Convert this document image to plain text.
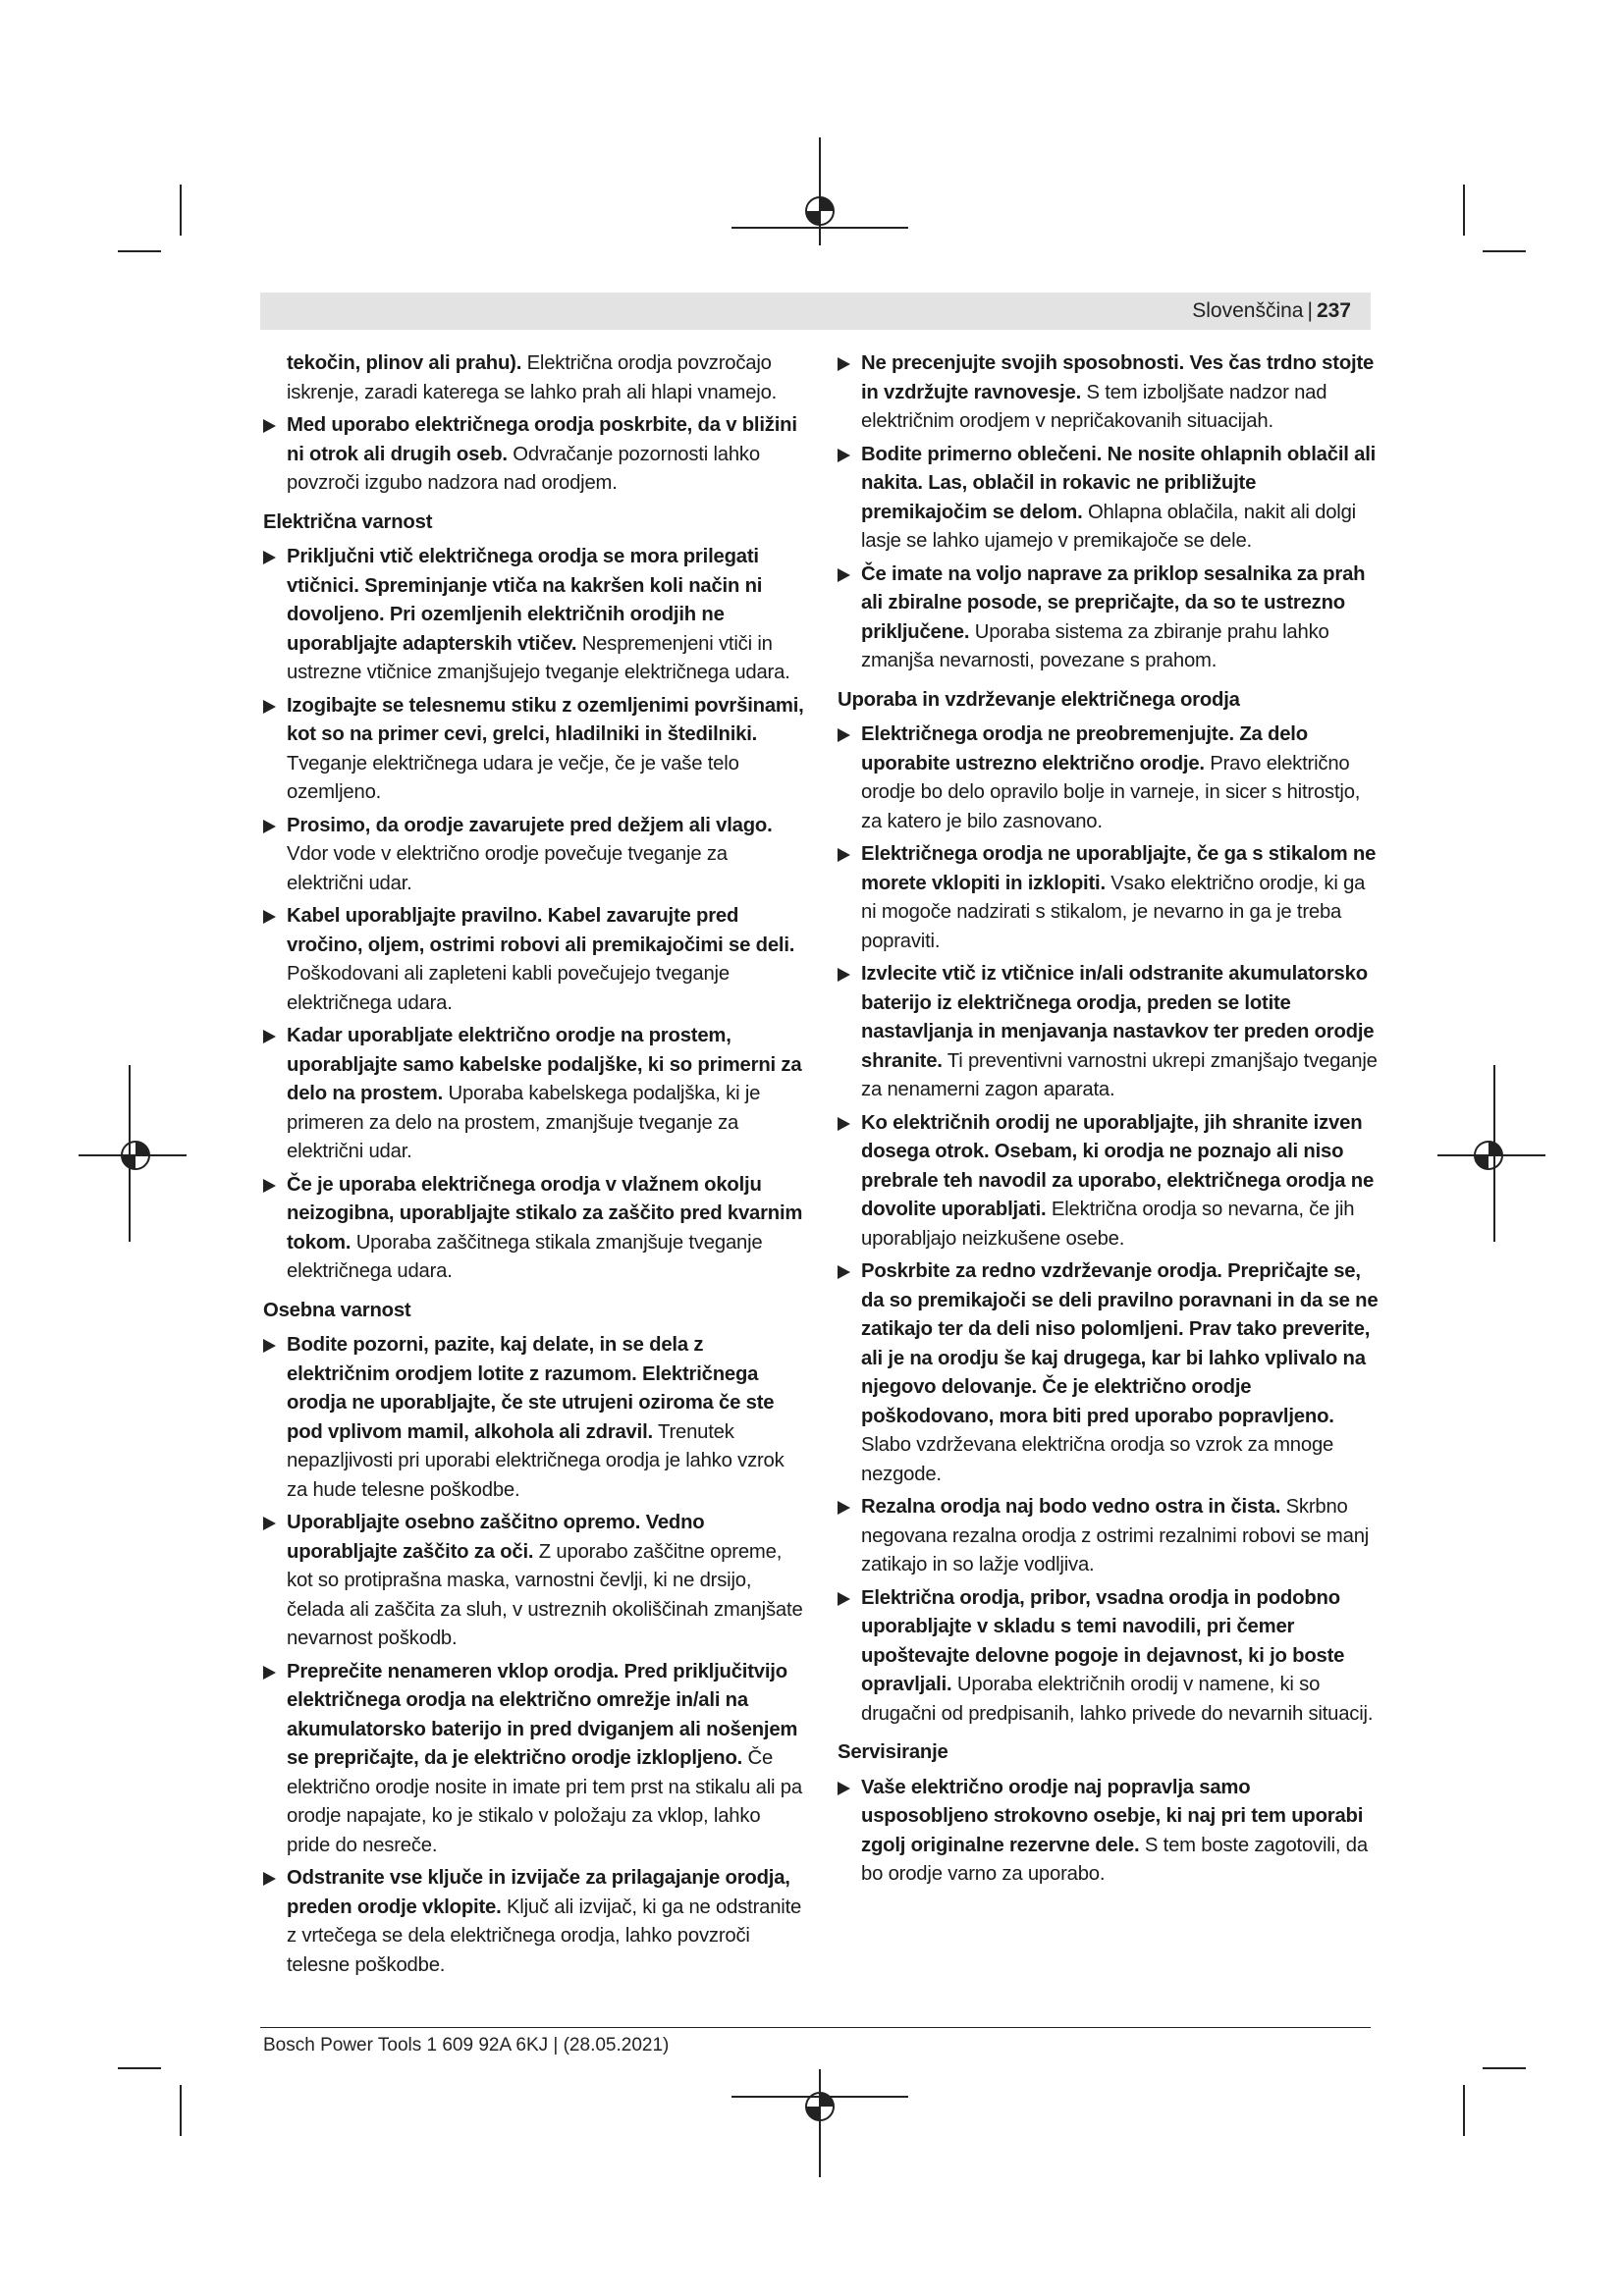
Slovenščina | 237
tekočin, plinov ali prahu). Električna orodja povzročajo iskrenje, zaradi katerega se lahko prah ali hlapi vnamejo.
Med uporabo električnega orodja poskrbite, da v bližini ni otrok ali drugih oseb. Odvračanje pozornosti lahko povzroči izgubo nadzora nad orodjem.
Električna varnost
Priključni vtič električnega orodja se mora prilegati vtičnici. Spreminjanje vtiča na kakršen koli način ni dovoljeno. Pri ozemljenih električnih orodjih ne uporabljajte adapterskih vtičev. Nespremenjeni vtiči in ustrezne vtičnice zmanjšujejo tveganje električnega udara.
Izogibajte se telesnemu stiku z ozemljenimi površinami, kot so na primer cevi, grelci, hladilniki in štedilniki. Tveganje električnega udara je večje, če je vaše telo ozemljeno.
Prosimo, da orodje zavarujete pred dežjem ali vlago. Vdor vode v električno orodje povečuje tveganje za električni udar.
Kabel uporabljajte pravilno. Kabel zavarujte pred vročino, oljem, ostrimi robovi ali premikajočimi se deli. Poškodovani ali zapleteni kabli povečujejo tveganje električnega udara.
Kadar uporabljate električno orodje na prostem, uporabljajte samo kabelske podaljške, ki so primerni za delo na prostem. Uporaba kabelskega podaljška, ki je primeren za delo na prostem, zmanjšuje tveganje za električni udar.
Če je uporaba električnega orodja v vlažnem okolju neizogibna, uporabljajte stikalo za zaščito pred kvarnim tokom. Uporaba zaščitnega stikala zmanjšuje tveganje električnega udara.
Osebna varnost
Bodite pozorni, pazite, kaj delate, in se dela z električnim orodjem lotite z razumom. Električnega orodja ne uporabljajte, če ste utrujeni oziroma če ste pod vplivom mamil, alkohola ali zdravil. Trenutek nepazljivosti pri uporabi električnega orodja je lahko vzrok za hude telesne poškodbe.
Uporabljajte osebno zaščitno opremo. Vedno uporabljajte zaščito za oči. Z uporabo zaščitne opreme, kot so protiprašna maska, varnostni čevlji, ki ne drsijo, čelada ali zaščita za sluh, v ustreznih okoliščinah zmanjšate nevarnost poškodb.
Preprečite nenameren vklop orodja. Pred priključitvijo električnega orodja na električno omrežje in/ali na akumulatorsko baterijo in pred dviganjem ali nošenjem se prepričajte, da je električno orodje izklopljeno. Če električno orodje nosite in imate pri tem prst na stikalu ali pa orodje napajate, ko je stikalo v položaju za vklop, lahko pride do nesreče.
Odstranite vse ključe in izvijače za prilagajanje orodja, preden orodje vklopite. Ključ ali izvijač, ki ga ne odstranite z vrtečega se dela električnega orodja, lahko povzroči telesne poškodbe.
Ne precenjujte svojih sposobnosti. Ves čas trdno stojte in vzdržujte ravnovesje. S tem izboljšate nadzor nad električnim orodjem v nepričakovanih situacijah.
Bodite primerno oblečeni. Ne nosite ohlapnih oblačil ali nakita. Las, oblačil in rokavic ne približujte premikajočim se delom. Ohlapna oblačila, nakit ali dolgi lasje se lahko ujamejo v premikajoče se dele.
Če imate na voljo naprave za priklop sesalnika za prah ali zbiralne posode, se prepričajte, da so te ustrezno priključene. Uporaba sistema za zbiranje prahu lahko zmanjša nevarnosti, povezane s prahom.
Uporaba in vzdrževanje električnega orodja
Električnega orodja ne preobremenjujte. Za delo uporabite ustrezno električno orodje. Pravo električno orodje bo delo opravilo bolje in varneje, in sicer s hitrostjo, za katero je bilo zasnovano.
Električnega orodja ne uporabljajte, če ga s stikalom ne morete vklopiti in izklopiti. Vsako električno orodje, ki ga ni mogoče nadzirati s stikalom, je nevarno in ga je treba popraviti.
Izvlecite vtič iz vtičnice in/ali odstranite akumulatorsko baterijo iz električnega orodja, preden se lotite nastavljanja in menjavanja nastavkov ter preden orodje shranite. Ti preventivni varnostni ukrepi zmanjšajo tveganje za nenamerni zagon aparata.
Ko električnih orodij ne uporabljajte, jih shranite izven dosega otrok. Osebam, ki orodja ne poznajo ali niso prebrale teh navodil za uporabo, električnega orodja ne dovolite uporabljati. Električna orodja so nevarna, če jih uporabljajo neizkušene osebe.
Poskrbite za redno vzdrževanje orodja. Prepričajte se, da so premikajoči se deli pravilno poravnani in da se ne zatikajo ter da deli niso polomljeni. Prav tako preverite, ali je na orodju še kaj drugega, kar bi lahko vplivalo na njegovo delovanje. Če je električno orodje poškodovano, mora biti pred uporabo popravljeno. Slabo vzdrževana električna orodja so vzrok za mnoge nezgode.
Rezalna orodja naj bodo vedno ostra in čista. Skrbno negovana rezalna orodja z ostrimi rezalnimi robovi se manj zatikajo in so lažje vodljiva.
Električna orodja, pribor, vsadna orodja in podobno uporabljajte v skladu s temi navodili, pri čemer upoštevajte delovne pogoje in dejavnost, ki jo boste opravljali. Uporaba električnih orodij v namene, ki so drugačni od predpisanih, lahko privede do nevarnih situacij.
Servisiranje
Vaše električno orodje naj popravlja samo usposobljeno strokovno osebje, ki naj pri tem uporabi zgolj originalne rezervne dele. S tem boste zagotovili, da bo orodje varno za uporabo.
Bosch Power Tools 1 609 92A 6KJ | (28.05.2021)
